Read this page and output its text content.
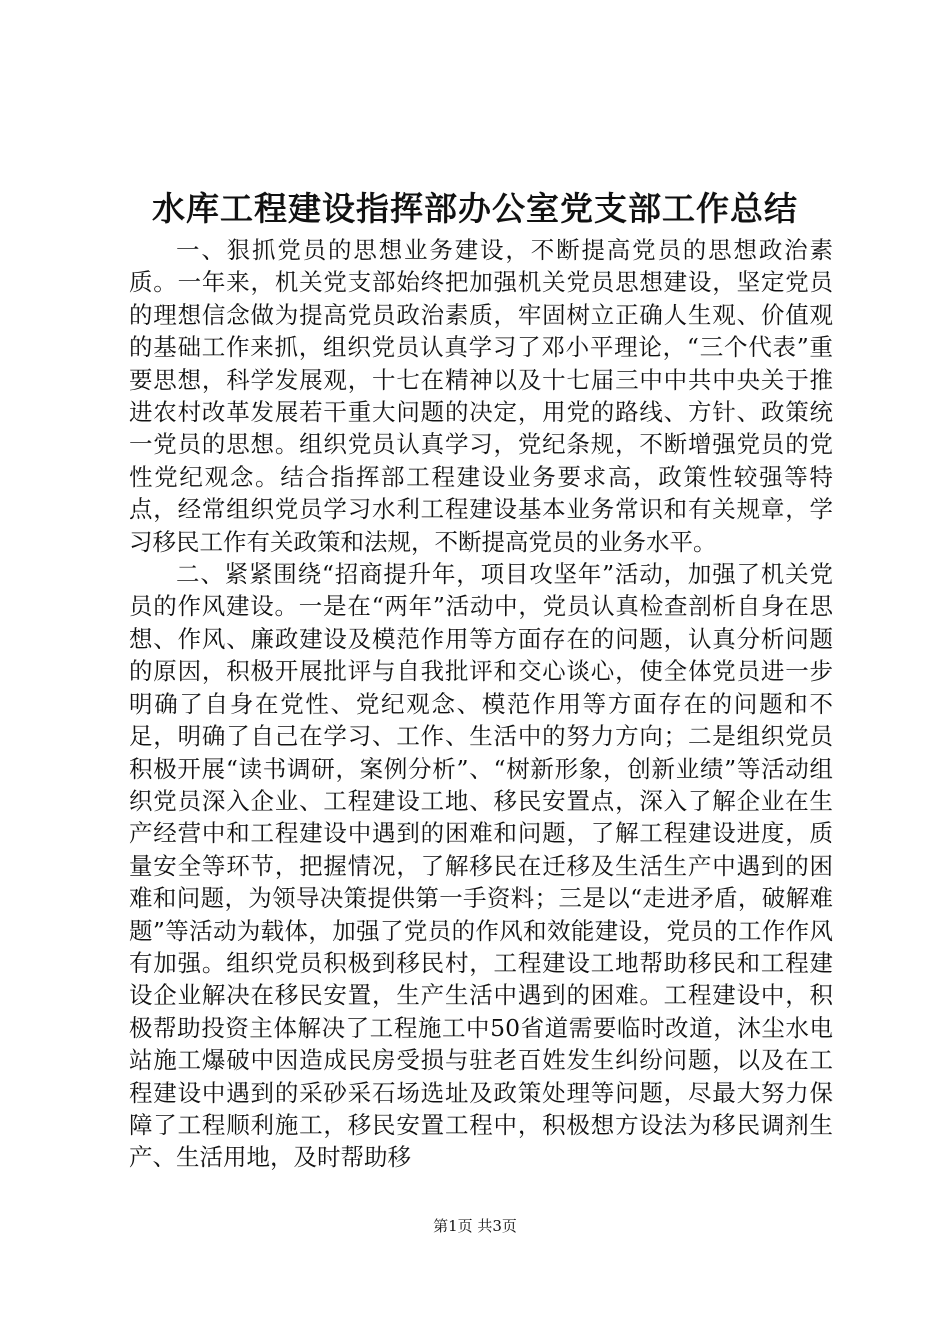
水库工程建设指挥部办公室党支部工作总结

一、狠抓党员的思想业务建设，不断提高党员的思想政治素质。一年来，机关党支部始终把加强机关党员思想建设，坚定党员的理想信念做为提高党员政治素质，牢固树立正确人生观、价值观的基础工作来抓，组织党员认真学习了邓小平理论，“三个代表”重要思想，科学发展观，十七在精神以及十七届三中中共中央关于推进农村改革发展若干重大问题的决定，用党的路线、方针、政策统一党员的思想。组织党员认真学习，党纪条规，不断增强党员的党性党纪观念。结合指挥部工程建设业务要求高，政策性较强等特点，经常组织党员学习水利工程建设基本业务常识和有关规章，学习移民工作有关政策和法规，不断提高党员的业务水平。

二、紧紧围绕“招商提升年，项目攻坚年”活动，加强了机关党员的作风建设。一是在“两年”活动中，党员认真检查剖析自身在思想、作风、廉政建设及模范作用等方面存在的问题，认真分析问题的原因，积极开展批评与自我批评和交心谈心，使全体党员进一步明确了自身在党性、党纪观念、模范作用等方面存在的问题和不足，明确了自己在学习、工作、生活中的努力方向；二是组织党员积极开展“读书调研，案例分析”、“树新形象，创新业绩”等活动组织党员深入企业、工程建设工地、移民安置点，深入了解企业在生产经营中和工程建设中遇到的困难和问题，了解工程建设进度，质量安全等环节，把握情况，了解移民在迁移及生活生产中遇到的困难和问题，为领导决策提供第一手资料；三是以“走进矛盾，破解难题”等活动为载体，加强了党员的作风和效能建设，党员的工作作风有加强。组织党员积极到移民村，工程建设工地帮助移民和工程建设企业解决在移民安置，生产生活中遇到的困难。工程建设中，积极帮助投资主体解决了工程施工中50省道需要临时改道，沐尘水电站施工爆破中因造成民房受损与驻老百姓发生纠纷问题，以及在工程建设中遇到的采砂采石场选址及政策处理等问题，尽最大努力保障了工程顺利施工，移民安置工程中，积极想方设法为移民调剂生产、生活用地，及时帮助移

第1页 共3页
